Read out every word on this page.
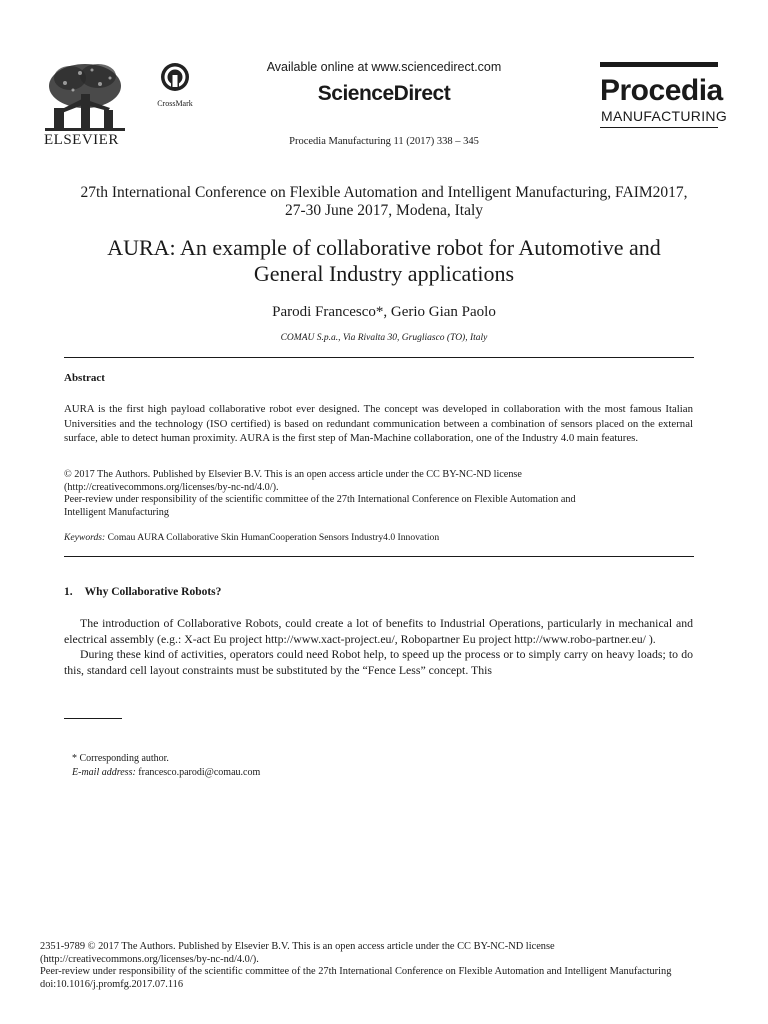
ELSEVIER
CrossMark
Available online at www.sciencedirect.com
ScienceDirect
Procedia Manufacturing 11 (2017) 338 – 345
Procedia
MANUFACTURING
27th International Conference on Flexible Automation and Intelligent Manufacturing, FAIM2017,
27-30 June 2017, Modena, Italy
AURA: An example of collaborative robot for Automotive and
General Industry applications
Parodi Francesco*, Gerio Gian Paolo
COMAU S.p.a., Via Rivalta 30, Grugliasco (TO), Italy
Abstract
AURA is the first high payload collaborative robot ever designed. The concept was developed in collaboration with the most famous Italian Universities and the technology (ISO certified) is based on redundant communication between a combination of sensors placed on the external surface, able to detect human proximity. AURA is the first step of Man-Machine collaboration, one of the Industry 4.0 main features.
© 2017 The Authors. Published by Elsevier B.V. This is an open access article under the CC BY-NC-ND license
(http://creativecommons.org/licenses/by-nc-nd/4.0/).
Peer-review under responsibility of the scientific committee of the 27th International Conference on Flexible Automation and
Intelligent Manufacturing
Keywords: Comau AURA Collaborative Skin HumanCooperation Sensors Industry4.0 Innovation
1. Why Collaborative Robots?

The introduction of Collaborative Robots, could create a lot of benefits to Industrial Operations, particularly in mechanical and electrical assembly (e.g.: X-act Eu project http://www.xact-project.eu/, Robopartner Eu project http://www.robo-partner.eu/ ).

During these kind of activities, operators could need Robot help, to speed up the process or to simply carry on heavy loads; to do this, standard cell layout constraints must be substituted by the “Fence Less” concept. This

* Corresponding author.
E-mail address: francesco.parodi@comau.com
2351-9789 © 2017 The Authors. Published by Elsevier B.V. This is an open access article under the CC BY-NC-ND license
(http://creativecommons.org/licenses/by-nc-nd/4.0/).
Peer-review under responsibility of the scientific committee of the 27th International Conference on Flexible Automation and Intelligent Manufacturing
doi:10.1016/j.promfg.2017.07.116
